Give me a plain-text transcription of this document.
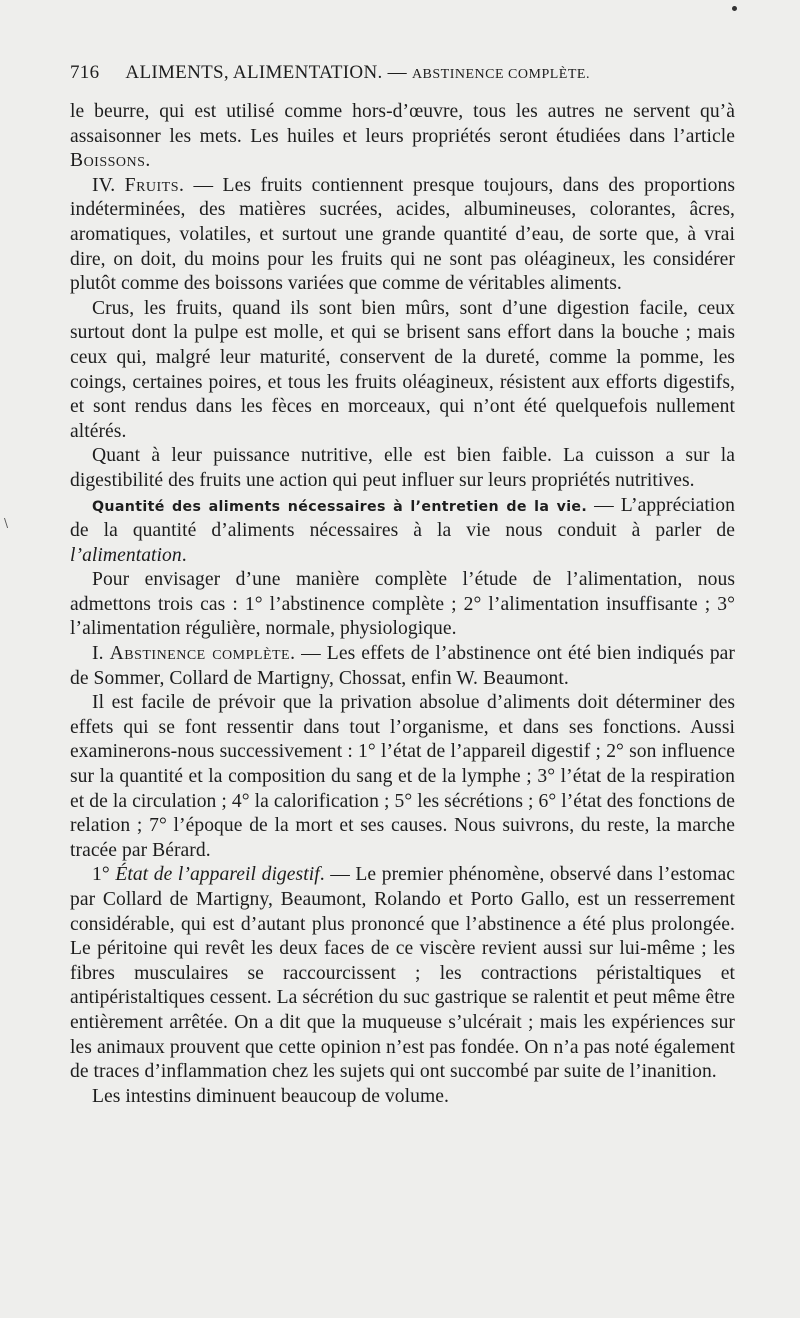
\
716 ALIMENTS, ALIMENTATION. — ABSTINENCE COMPLÈTE.

le beurre, qui est utilisé comme hors-d’œuvre, tous les autres ne servent qu’à assaisonner les mets. Les huiles et leurs propriétés seront étudiées dans l’article Boissons.

IV. Fruits. — Les fruits contiennent presque toujours, dans des proportions indéterminées, des matières sucrées, acides, albumineuses, colorantes, âcres, aromatiques, volatiles, et surtout une grande quantité d’eau, de sorte que, à vrai dire, on doit, du moins pour les fruits qui ne sont pas oléagineux, les considérer plutôt comme des boissons variées que comme de véritables aliments.

Crus, les fruits, quand ils sont bien mûrs, sont d’une digestion facile, ceux surtout dont la pulpe est molle, et qui se brisent sans effort dans la bouche ; mais ceux qui, malgré leur maturité, conservent de la dureté, comme la pomme, les coings, certaines poires, et tous les fruits oléagineux, résistent aux efforts digestifs, et sont rendus dans les fèces en morceaux, qui n’ont été quelquefois nullement altérés.

Quant à leur puissance nutritive, elle est bien faible. La cuisson a sur la digestibilité des fruits une action qui peut influer sur leurs propriétés nutritives.

Quantité des aliments nécessaires à l’entretien de la vie. — L’appréciation de la quantité d’aliments nécessaires à la vie nous conduit à parler de l’alimentation.

Pour envisager d’une manière complète l’étude de l’alimentation, nous admettons trois cas : 1° l’abstinence complète ; 2° l’alimentation insuffisante ; 3° l’alimentation régulière, normale, physiologique.

I. Abstinence complète. — Les effets de l’abstinence ont été bien indiqués par de Sommer, Collard de Martigny, Chossat, enfin W. Beaumont.

Il est facile de prévoir que la privation absolue d’aliments doit déterminer des effets qui se font ressentir dans tout l’organisme, et dans ses fonctions. Aussi examinerons-nous successivement : 1° l’état de l’appareil digestif ; 2° son influence sur la quantité et la composition du sang et de la lymphe ; 3° l’état de la respiration et de la circulation ; 4° la calorification ; 5° les sécrétions ; 6° l’état des fonctions de relation ; 7° l’époque de la mort et ses causes. Nous suivrons, du reste, la marche tracée par Bérard.

1° État de l’appareil digestif. — Le premier phénomène, observé dans l’estomac par Collard de Martigny, Beaumont, Rolando et Porto Gallo, est un resserrement considérable, qui est d’autant plus prononcé que l’abstinence a été plus prolongée. Le péritoine qui revêt les deux faces de ce viscère revient aussi sur lui-même ; les fibres musculaires se raccourcissent ; les contractions péristaltiques et antipéristaltiques cessent. La sécrétion du suc gastrique se ralentit et peut même être entièrement arrêtée. On a dit que la muqueuse s’ulcérait ; mais les expériences sur les animaux prouvent que cette opinion n’est pas fondée. On n’a pas noté également de traces d’inflammation chez les sujets qui ont succombé par suite de l’inanition.

Les intestins diminuent beaucoup de volume.
